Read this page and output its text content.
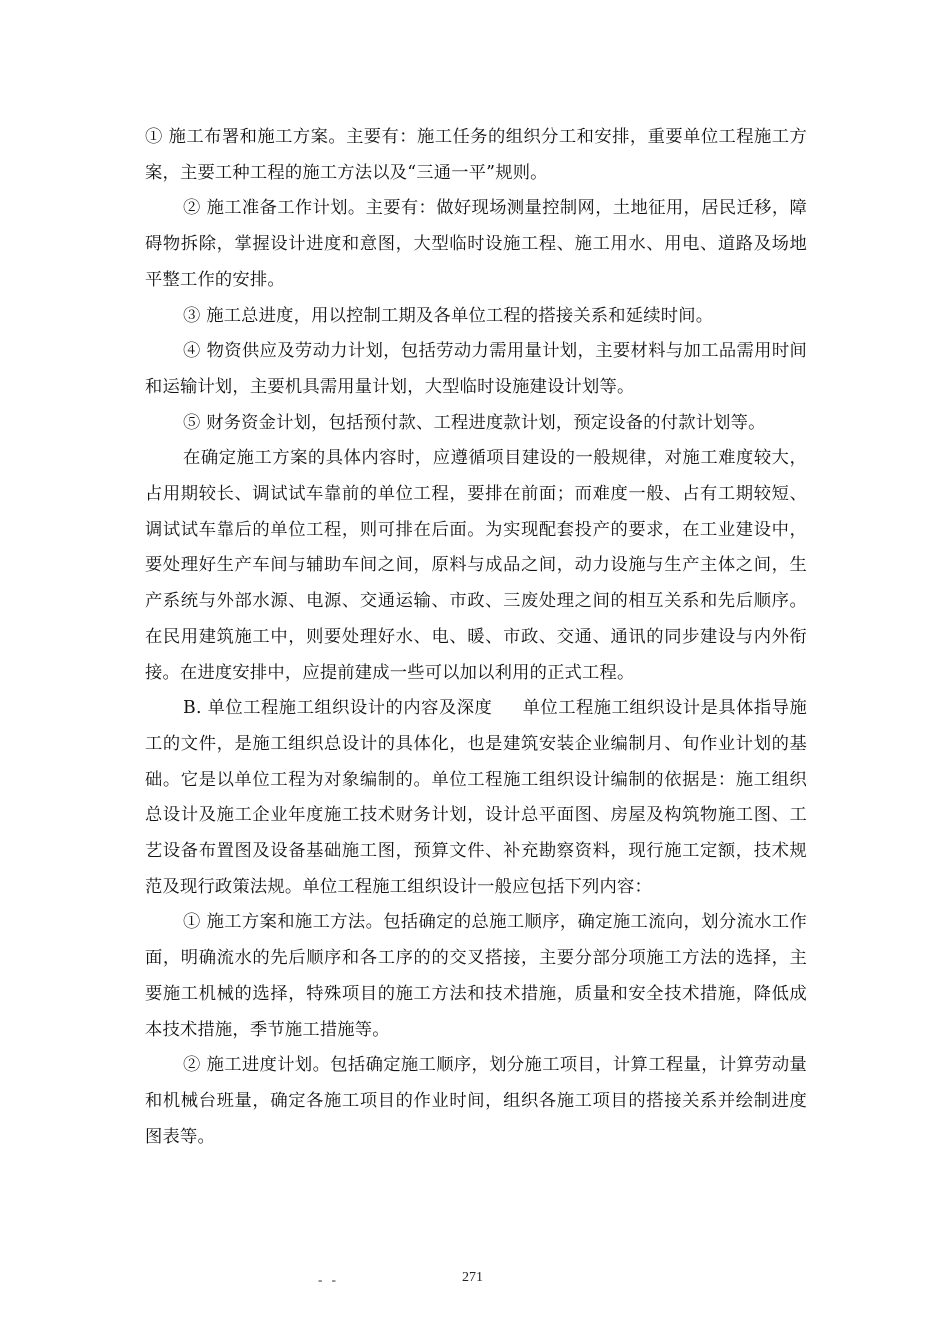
① 施工布署和施工方案。主要有：施工任务的组织分工和安排，重要单位工程施工方案，主要工种工程的施工方法以及“三通一平”规则。

② 施工准备工作计划。主要有：做好现场测量控制网，土地征用，居民迁移，障碍物拆除，掌握设计进度和意图，大型临时设施工程、施工用水、用电、道路及场地平整工作的安排。

③ 施工总进度，用以控制工期及各单位工程的搭接关系和延续时间。

④ 物资供应及劳动力计划，包括劳动力需用量计划，主要材料与加工品需用时间和运输计划，主要机具需用量计划，大型临时设施建设计划等。

⑤ 财务资金计划，包括预付款、工程进度款计划，预定设备的付款计划等。

在确定施工方案的具体内容时，应遵循项目建设的一般规律，对施工难度较大，占用期较长、调试试车靠前的单位工程，要排在前面；而难度一般、占有工期较短、调试试车靠后的单位工程，则可排在后面。为实现配套投产的要求，在工业建设中，要处理好生产车间与辅助车间之间，原料与成品之间，动力设施与生产主体之间，生产系统与外部水源、电源、交通运输、市政、三废处理之间的相互关系和先后顺序。在民用建筑施工中，则要处理好水、电、暖、市政、交通、通讯的同步建设与内外衔接。在进度安排中，应提前建成一些可以加以利用的正式工程。

B. 单位工程施工组织设计的内容及深度 单位工程施工组织设计是具体指导施工的文件，是施工组织总设计的具体化，也是建筑安装企业编制月、旬作业计划的基础。它是以单位工程为对象编制的。单位工程施工组织设计编制的依据是：施工组织总设计及施工企业年度施工技术财务计划，设计总平面图、房屋及构筑物施工图、工艺设备布置图及设备基础施工图，预算文件、补充勘察资料，现行施工定额，技术规范及现行政策法规。单位工程施工组织设计一般应包括下列内容：

① 施工方案和施工方法。包括确定的总施工顺序，确定施工流向，划分流水工作面，明确流水的先后顺序和各工序的的交叉搭接，主要分部分项施工方法的选择，主要施工机械的选择，特殊项目的施工方法和技术措施，质量和安全技术措施，降低成本技术措施，季节施工措施等。

② 施工进度计划。包括确定施工顺序，划分施工项目，计算工程量，计算劳动量和机械台班量，确定各施工项目的作业时间，组织各施工项目的搭接关系并绘制进度图表等。

- -	271
